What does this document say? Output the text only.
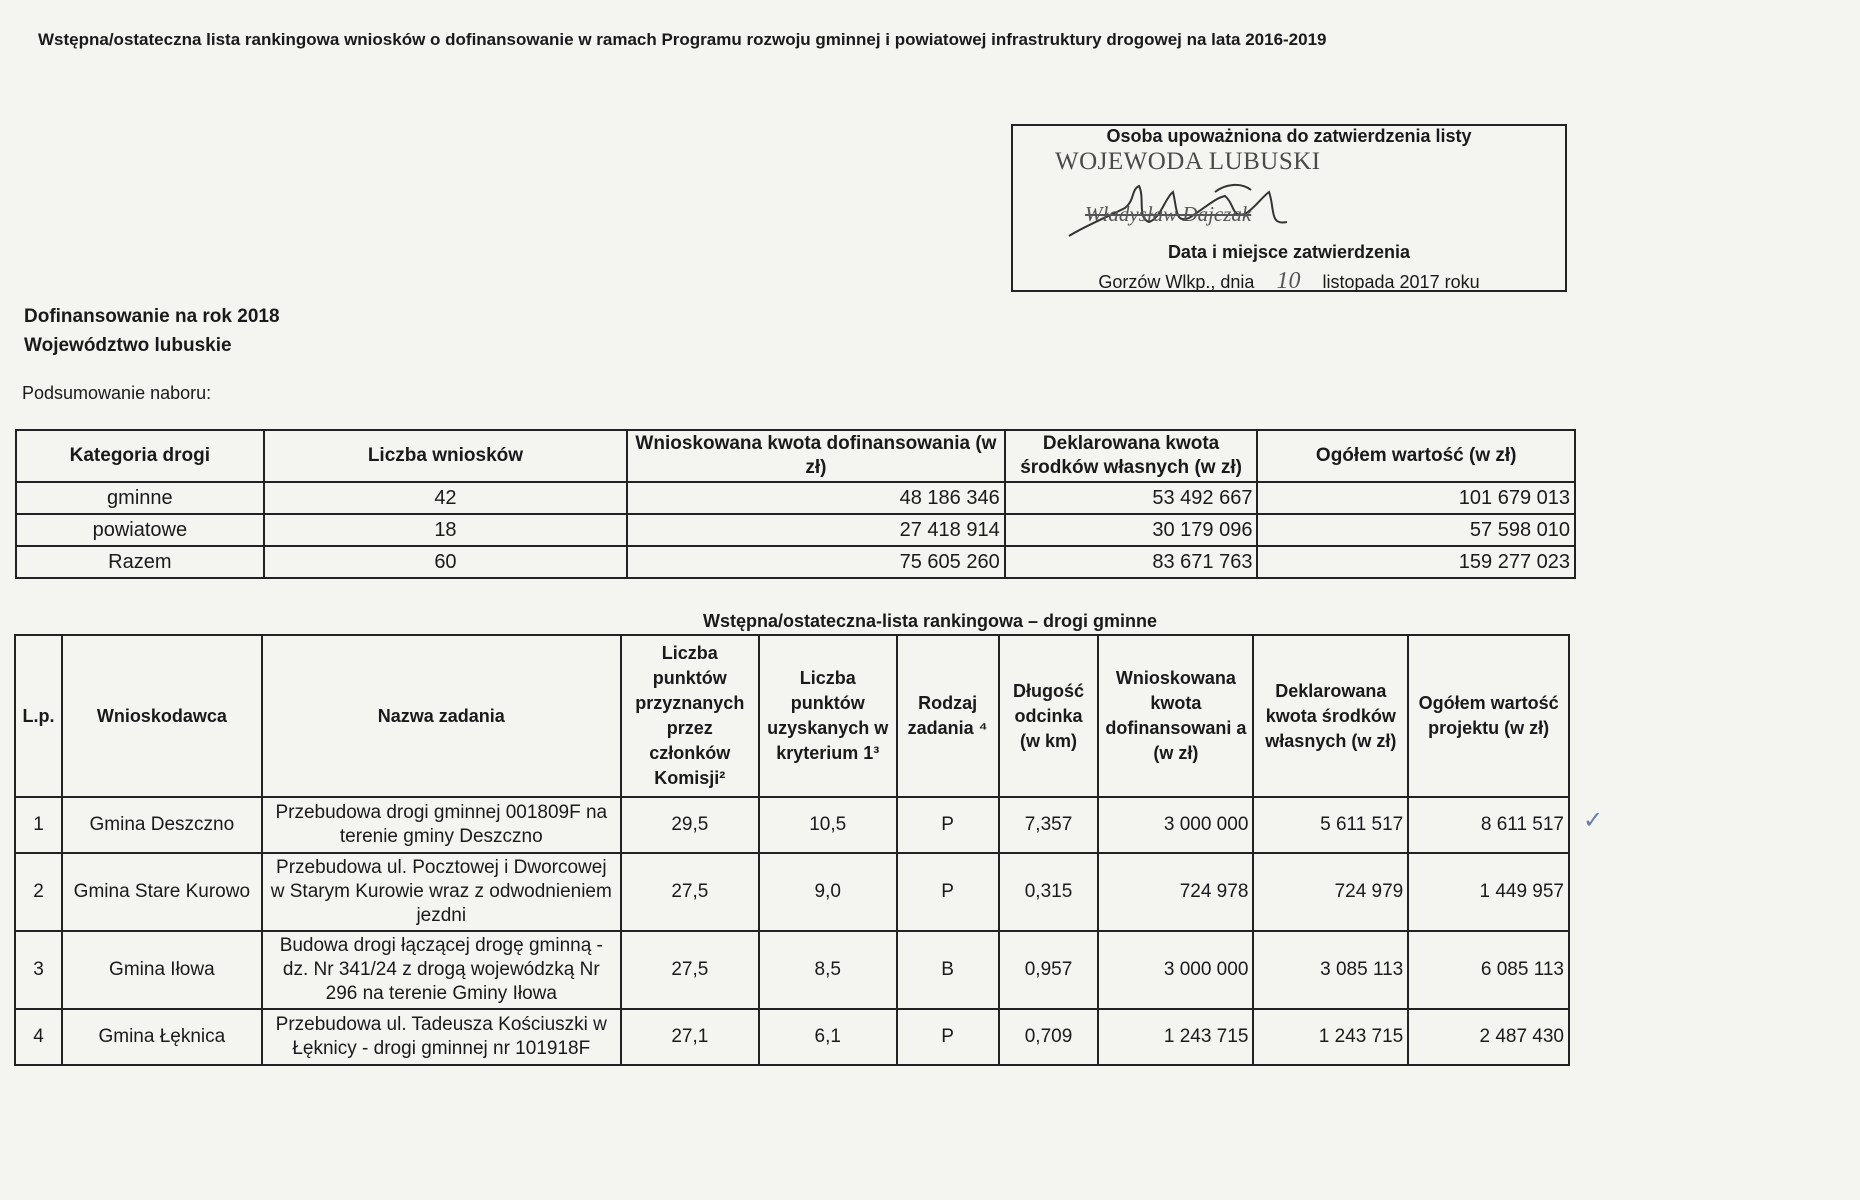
Wstępna/ostateczna lista rankingowa wniosków o dofinansowanie w ramach Programu rozwoju gminnej i powiatowej infrastruktury drogowej na lata 2016-2019
Osoba upoważniona do zatwierdzenia listy
WOJEWODA LUBUSKI
Władysław Dajczak
Data i miejsce zatwierdzenia
Gorzów Wlkp., dnia 10 listopada 2017 roku
Dofinansowanie na rok 2018
Województwo lubuskie
Podsumowanie naboru:
Kategoria drogi	Liczba wniosków	Wnioskowana kwota dofinansowania (w zł)	Deklarowana kwota środków własnych (w zł)	Ogółem wartość (w zł)
gminne	42	48 186 346	53 492 667	101 679 013
powiatowe	18	27 418 914	30 179 096	57 598 010
Razem	60	75 605 260	83 671 763	159 277 023
Wstępna/ostateczna-lista rankingowa – drogi gminne
L.p.	Wnioskodawca	Nazwa zadania	Liczba punktów przyznanych przez członków Komisji²	Liczba punktów uzyskanych w kryterium 1³	Rodzaj zadania ⁴	Długość odcinka (w km)	Wnioskowana kwota dofinansowani a (w zł)	Deklarowana kwota środków własnych (w zł)	Ogółem wartość projektu (w zł)
1	Gmina Deszczno	Przebudowa drogi gminnej 001809F na terenie gminy Deszczno	29,5	10,5	P	7,357	3 000 000	5 611 517	8 611 517
2	Gmina Stare Kurowo	Przebudowa ul. Pocztowej i Dworcowej w Starym Kurowie wraz z odwodnieniem jezdni	27,5	9,0	P	0,315	724 978	724 979	1 449 957
3	Gmina Iłowa	Budowa drogi łączącej drogę gminną - dz. Nr 341/24 z drogą wojewódzką Nr 296 na terenie Gminy Iłowa	27,5	8,5	B	0,957	3 000 000	3 085 113	6 085 113
4	Gmina Łęknica	Przebudowa ul. Tadeusza Kościuszki w Łęknicy - drogi gminnej nr 101918F	27,1	6,1	P	0,709	1 243 715	1 243 715	2 487 430
✓
